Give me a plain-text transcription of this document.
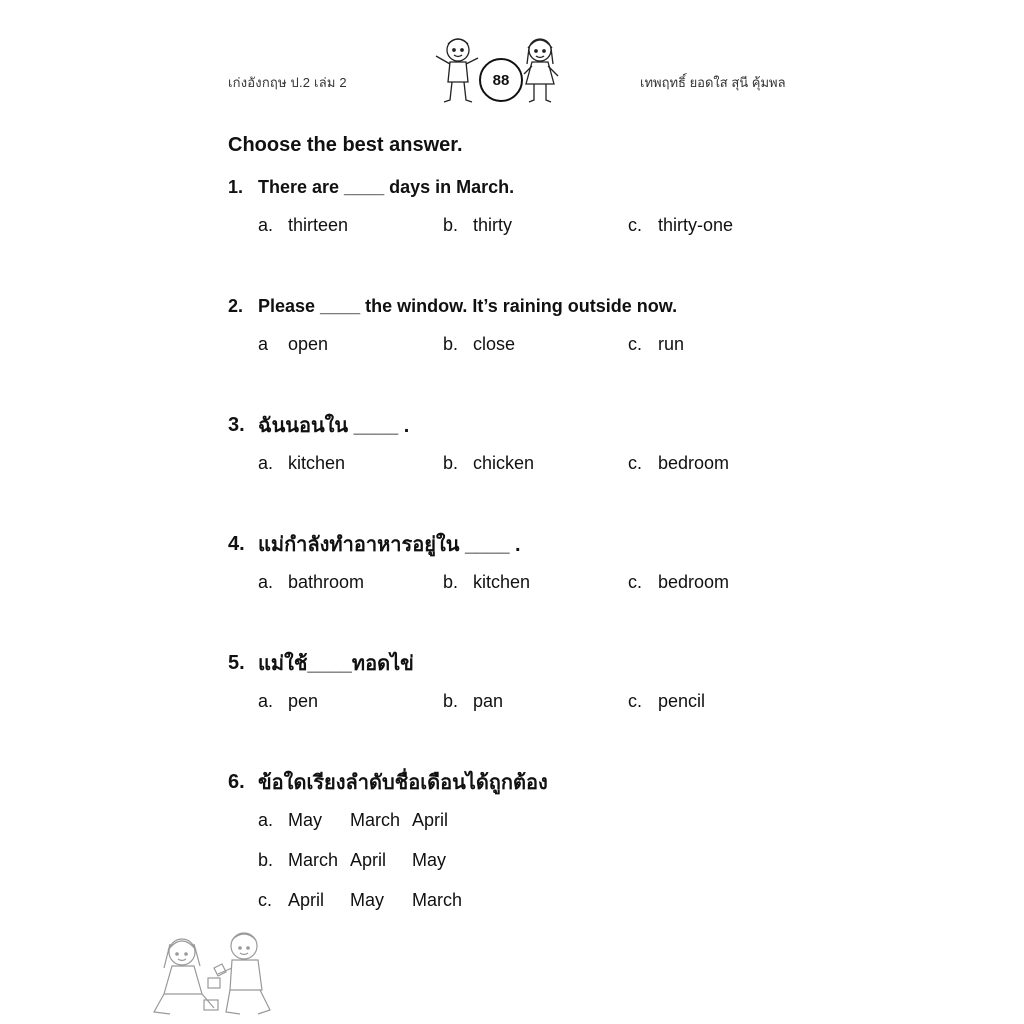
เก่งอังกฤษ ป.2 เล่ม 2	88	เทพฤทธิ์ ยอดใส สุนี คุ้มพล
Choose the best answer.
1. There are ____ days in March.
a. thirteen	b. thirty	c. thirty-one
2. Please ____ the window. It’s raining outside now.
a	open	b. close	c. run
3. ฉันนอนใน ____ .
a. kitchen	b. chicken	c. bedroom
4. แม่กำลังทำอาหารอยู่ใน ____ .
a. bathroom	b. kitchen	c. bedroom
5. แม่ใช้____ทอดไข่
a. pen	b. pan	c. pencil
6. ข้อใดเรียงลำดับชื่อเดือนได้ถูกต้อง
a. May March April
b. March April May
c. April May March
